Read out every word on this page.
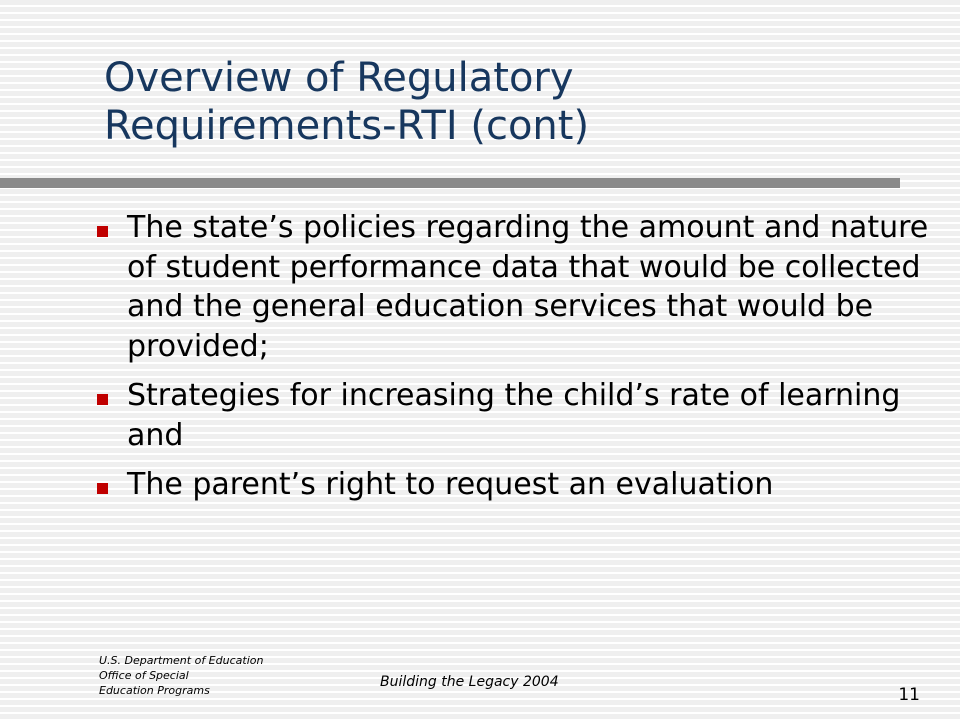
Overview of Regulatory Requirements-RTI (cont)
The state’s policies regarding the amount and nature of student performance data that would be collected and the general education services that would be provided;
Strategies for increasing the child’s rate of learning and
The parent’s right to request an evaluation
U.S. Department of Education
Office of Special
Education Programs
Building the Legacy 2004
11
